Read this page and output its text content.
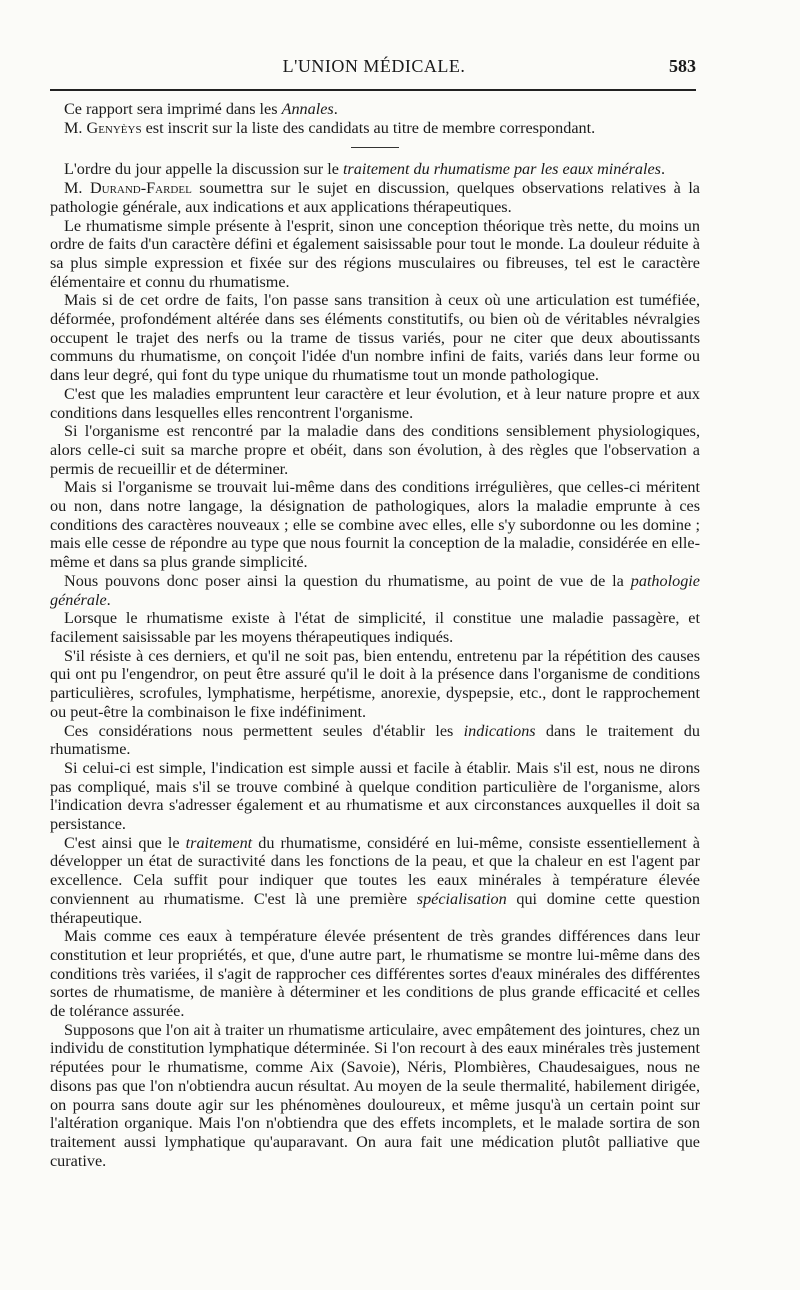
L'UNION MÉDICALE.	583

Ce rapport sera imprimé dans les Annales.

M. Genyèys est inscrit sur la liste des candidats au titre de membre correspondant.

L'ordre du jour appelle la discussion sur le traitement du rhumatisme par les eaux minérales.

M. Durand-Fardel soumettra sur le sujet en discussion, quelques observations relatives à la pathologie générale, aux indications et aux applications thérapeutiques.

Le rhumatisme simple présente à l'esprit, sinon une conception théorique très nette, du moins un ordre de faits d'un caractère défini et également saisissable pour tout le monde. La douleur réduite à sa plus simple expression et fixée sur des régions musculaires ou fibreuses, tel est le caractère élémentaire et connu du rhumatisme.

Mais si de cet ordre de faits, l'on passe sans transition à ceux où une articulation est tuméfiée, déformée, profondément altérée dans ses éléments constitutifs, ou bien où de véritables névralgies occupent le trajet des nerfs ou la trame de tissus variés, pour ne citer que deux aboutissants communs du rhumatisme, on conçoit l'idée d'un nombre infini de faits, variés dans leur forme ou dans leur degré, qui font du type unique du rhumatisme tout un monde pathologique.

C'est que les maladies empruntent leur caractère et leur évolution, et à leur nature propre et aux conditions dans lesquelles elles rencontrent l'organisme.

Si l'organisme est rencontré par la maladie dans des conditions sensiblement physiologiques, alors celle-ci suit sa marche propre et obéit, dans son évolution, à des règles que l'observation a permis de recueillir et de déterminer.

Mais si l'organisme se trouvait lui-même dans des conditions irrégulières, que celles-ci méritent ou non, dans notre langage, la désignation de pathologiques, alors la maladie emprunte à ces conditions des caractères nouveaux ; elle se combine avec elles, elle s'y subordonne ou les domine ; mais elle cesse de répondre au type que nous fournit la conception de la maladie, considérée en elle-même et dans sa plus grande simplicité.

Nous pouvons donc poser ainsi la question du rhumatisme, au point de vue de la pathologie générale.

Lorsque le rhumatisme existe à l'état de simplicité, il constitue une maladie passagère, et facilement saisissable par les moyens thérapeutiques indiqués.

S'il résiste à ces derniers, et qu'il ne soit pas, bien entendu, entretenu par la répétition des causes qui ont pu l'engendror, on peut être assuré qu'il le doit à la présence dans l'organisme de conditions particulières, scrofules, lymphatisme, herpétisme, anorexie, dyspepsie, etc., dont le rapprochement ou peut-être la combinaison le fixe indéfiniment.

Ces considérations nous permettent seules d'établir les indications dans le traitement du rhumatisme.

Si celui-ci est simple, l'indication est simple aussi et facile à établir. Mais s'il est, nous ne dirons pas compliqué, mais s'il se trouve combiné à quelque condition particulière de l'organisme, alors l'indication devra s'adresser également et au rhumatisme et aux circonstances auxquelles il doit sa persistance.

C'est ainsi que le traitement du rhumatisme, considéré en lui-même, consiste essentiellement à développer un état de suractivité dans les fonctions de la peau, et que la chaleur en est l'agent par excellence. Cela suffit pour indiquer que toutes les eaux minérales à température élevée conviennent au rhumatisme. C'est là une première spécialisation qui domine cette question thérapeutique.

Mais comme ces eaux à température élevée présentent de très grandes différences dans leur constitution et leur propriétés, et que, d'une autre part, le rhumatisme se montre lui-même dans des conditions très variées, il s'agit de rapprocher ces différentes sortes d'eaux minérales des différentes sortes de rhumatisme, de manière à déterminer et les conditions de plus grande efficacité et celles de tolérance assurée.

Supposons que l'on ait à traiter un rhumatisme articulaire, avec empâtement des jointures, chez un individu de constitution lymphatique déterminée. Si l'on recourt à des eaux minérales très justement réputées pour le rhumatisme, comme Aix (Savoie), Néris, Plombières, Chaudesaigues, nous ne disons pas que l'on n'obtiendra aucun résultat. Au moyen de la seule thermalité, habilement dirigée, on pourra sans doute agir sur les phénomènes douloureux, et même jusqu'à un certain point sur l'altération organique. Mais l'on n'obtiendra que des effets incomplets, et le malade sortira de son traitement aussi lymphatique qu'auparavant. On aura fait une médication plutôt palliative que curative.
